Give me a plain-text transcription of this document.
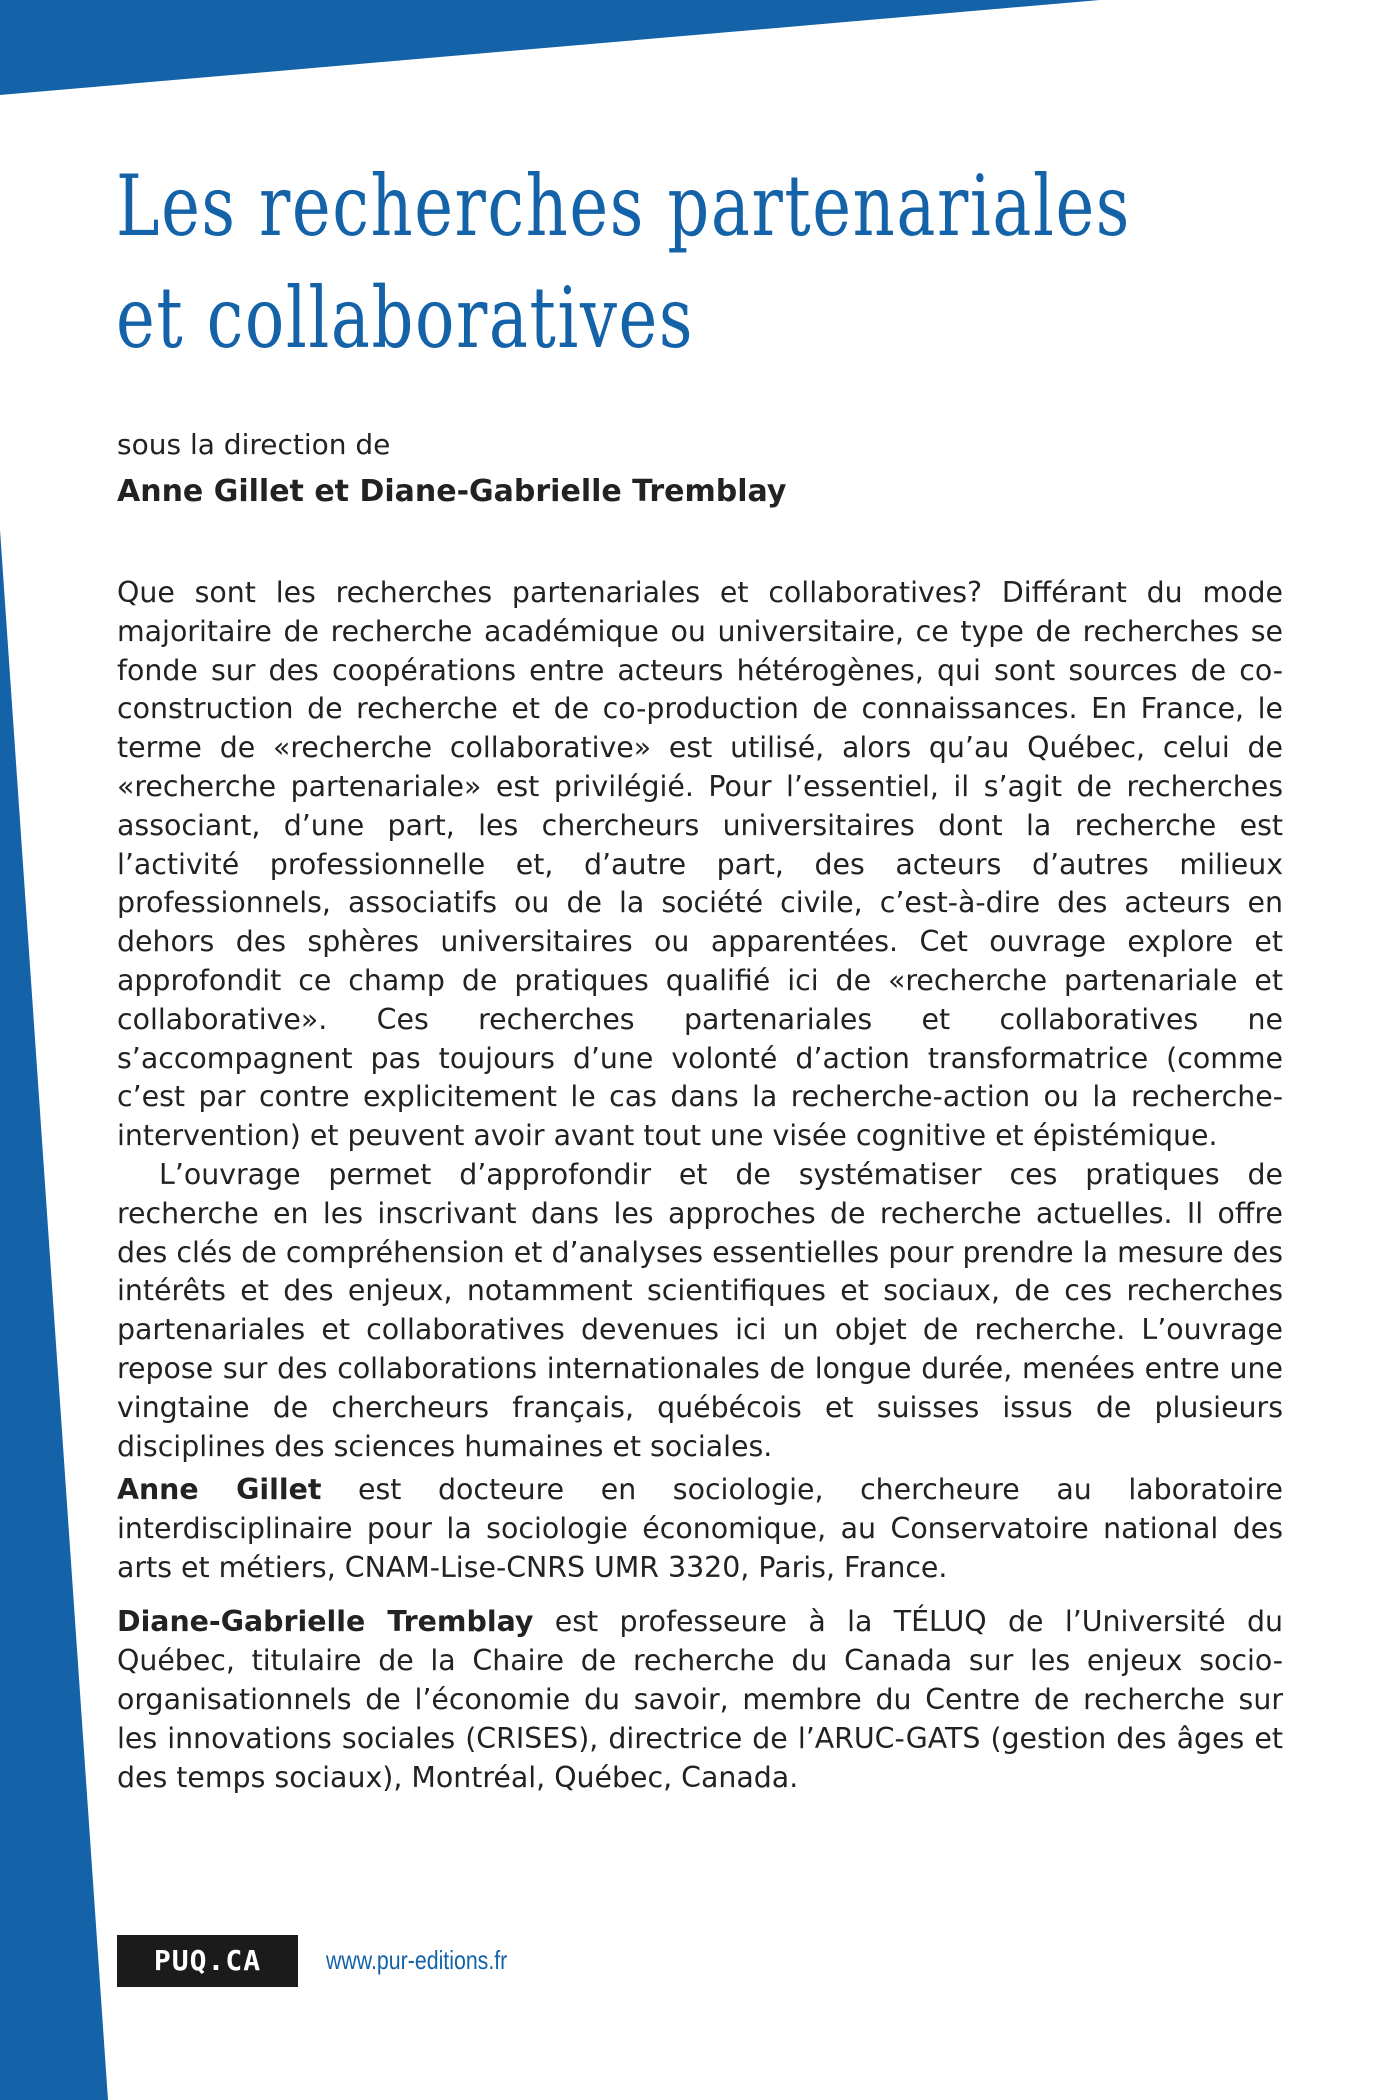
Les recherches partenariales
et collaboratives
sous la direction de
Anne Gillet et Diane-Gabrielle Tremblay

Que sont les recherches partenariales et collaboratives? Différant du mode majoritaire de recherche académique ou universitaire, ce type de recherches se fonde sur des coopérations entre acteurs hétérogènes, qui sont sources de co-construction de recherche et de co-production de connaissances. En France, le terme de «recherche collaborative» est utilisé, alors qu’au Québec, celui de «recherche partenariale» est privilégié. Pour l’essentiel, il s’agit de recherches associant, d’une part, les chercheurs universitaires dont la recherche est l’activité professionnelle et, d’autre part, des acteurs d’autres milieux professionnels, associatifs ou de la société civile, c’est-à-dire des acteurs en dehors des sphères universitaires ou apparentées. Cet ouvrage explore et approfondit ce champ de pratiques qualifié ici de «recherche partenariale et collaborative». Ces recherches partenariales et collaboratives ne s’accompagnent pas toujours d’une volonté d’action transformatrice (comme c’est par contre explicitement le cas dans la recherche-action ou la recherche-intervention) et peuvent avoir avant tout une visée cognitive et épistémique.

L’ouvrage permet d’approfondir et de systématiser ces pratiques de recherche en les inscrivant dans les approches de recherche actuelles. Il offre des clés de compréhension et d’analyses essentielles pour prendre la mesure des intérêts et des enjeux, notamment scientifiques et sociaux, de ces recherches partenariales et collaboratives devenues ici un objet de recherche. L’ouvrage repose sur des collaborations internationales de longue durée, menées entre une vingtaine de chercheurs français, québécois et suisses issus de plusieurs disciplines des sciences humaines et sociales.

Anne Gillet est docteure en sociologie, chercheure au laboratoire interdisciplinaire pour la sociologie économique, au Conservatoire national des arts et métiers, CNAM-Lise-CNRS UMR 3320, Paris, France.

Diane-Gabrielle Tremblay est professeure à la TÉLUQ de l’Université du Québec, titulaire de la Chaire de recherche du Canada sur les enjeux socio-organisationnels de l’économie du savoir, membre du Centre de recherche sur les innovations sociales (CRISES), directrice de l’ARUC-GATS (gestion des âges et des temps sociaux), Montréal, Québec, Canada.

PUQ.CA	www.pur-editions.fr
